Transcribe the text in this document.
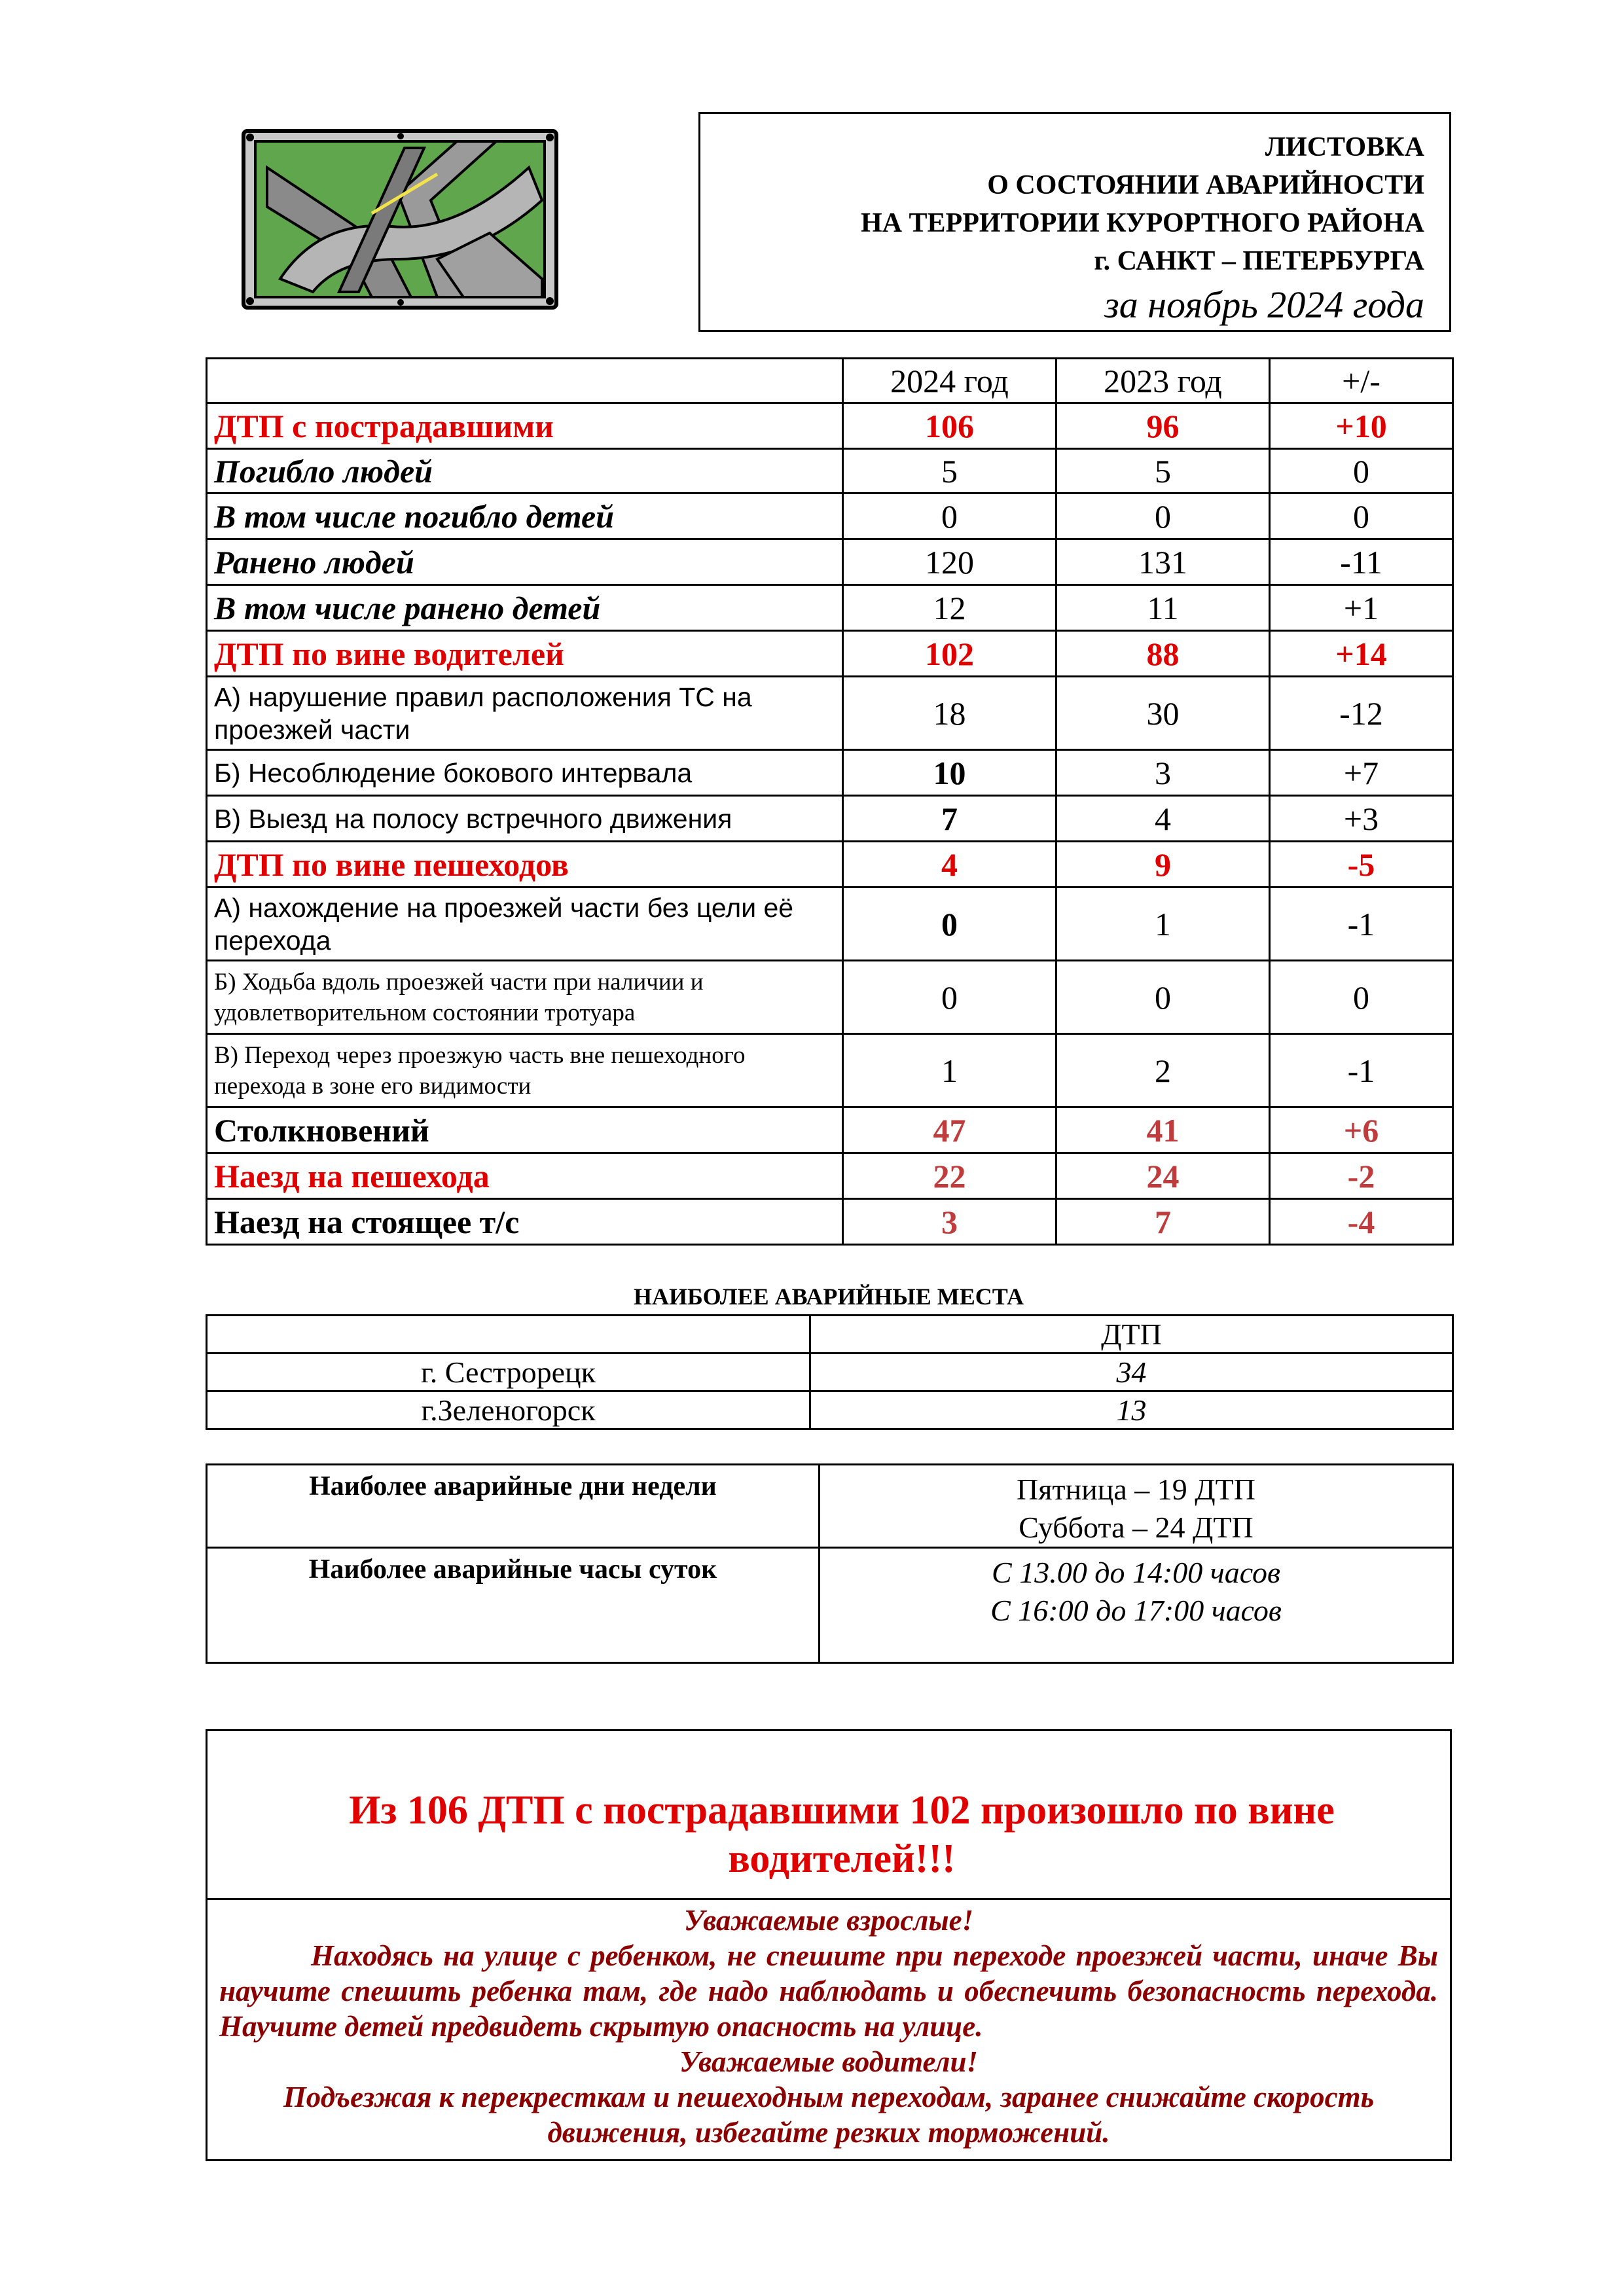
ЛИСТОВКА
О СОСТОЯНИИ АВАРИЙНОСТИ
НА ТЕРРИТОРИИ КУРОРТНОГО РАЙОНА
г. САНКТ – ПЕТЕРБУРГА
за ноябрь 2024 года
	2024 год	2023 год	+/-
ДТП с пострадавшими	106	96	+10
Погибло людей	5	5	0
В том числе погибло детей	0	0	0
Ранено людей	120	131	-11
В том числе ранено детей	12	11	+1
ДТП по вине водителей	102	88	+14
А) нарушение правил расположения ТС на проезжей части	18	30	-12
Б) Несоблюдение бокового интервала	10	3	+7
В) Выезд на полосу встречного движения	7	4	+3
ДТП по вине пешеходов	4	9	-5
А) нахождение на проезжей части без цели её перехода	0	1	-1
Б) Ходьба вдоль проезжей части при наличии и удовлетворительном состоянии тротуара	0	0	0
В) Переход через проезжую часть вне пешеходного перехода в зоне его видимости	1	2	-1
Столкновений	47	41	+6
Наезд на пешехода	22	24	-2
Наезд на стоящее т/с	3	7	-4
НАИБОЛЕЕ АВАРИЙНЫЕ МЕСТА
	ДТП
г. Сестрорецк	34
г.Зеленогорск	13
Наиболее аварийные дни недели	Пятница – 19 ДТП
Суббота – 24 ДТП

Наиболее аварийные часы суток	С 13.00 до 14:00 часов
С 16:00 до 17:00 часов
Из 106 ДТП с пострадавшими 102 произошло по вине водителей!!!

Уважаемые взрослые!
Находясь на улице с ребенком, не спешите при переходе проезжей части, иначе Вы научите спешить ребенка там, где надо наблюдать и обеспечить безопасность перехода. Научите детей предвидеть скрытую опасность на улице.
Уважаемые водители!
Подъезжая к перекресткам и пешеходным переходам, заранее снижайте скорость движения, избегайте резких торможений.
